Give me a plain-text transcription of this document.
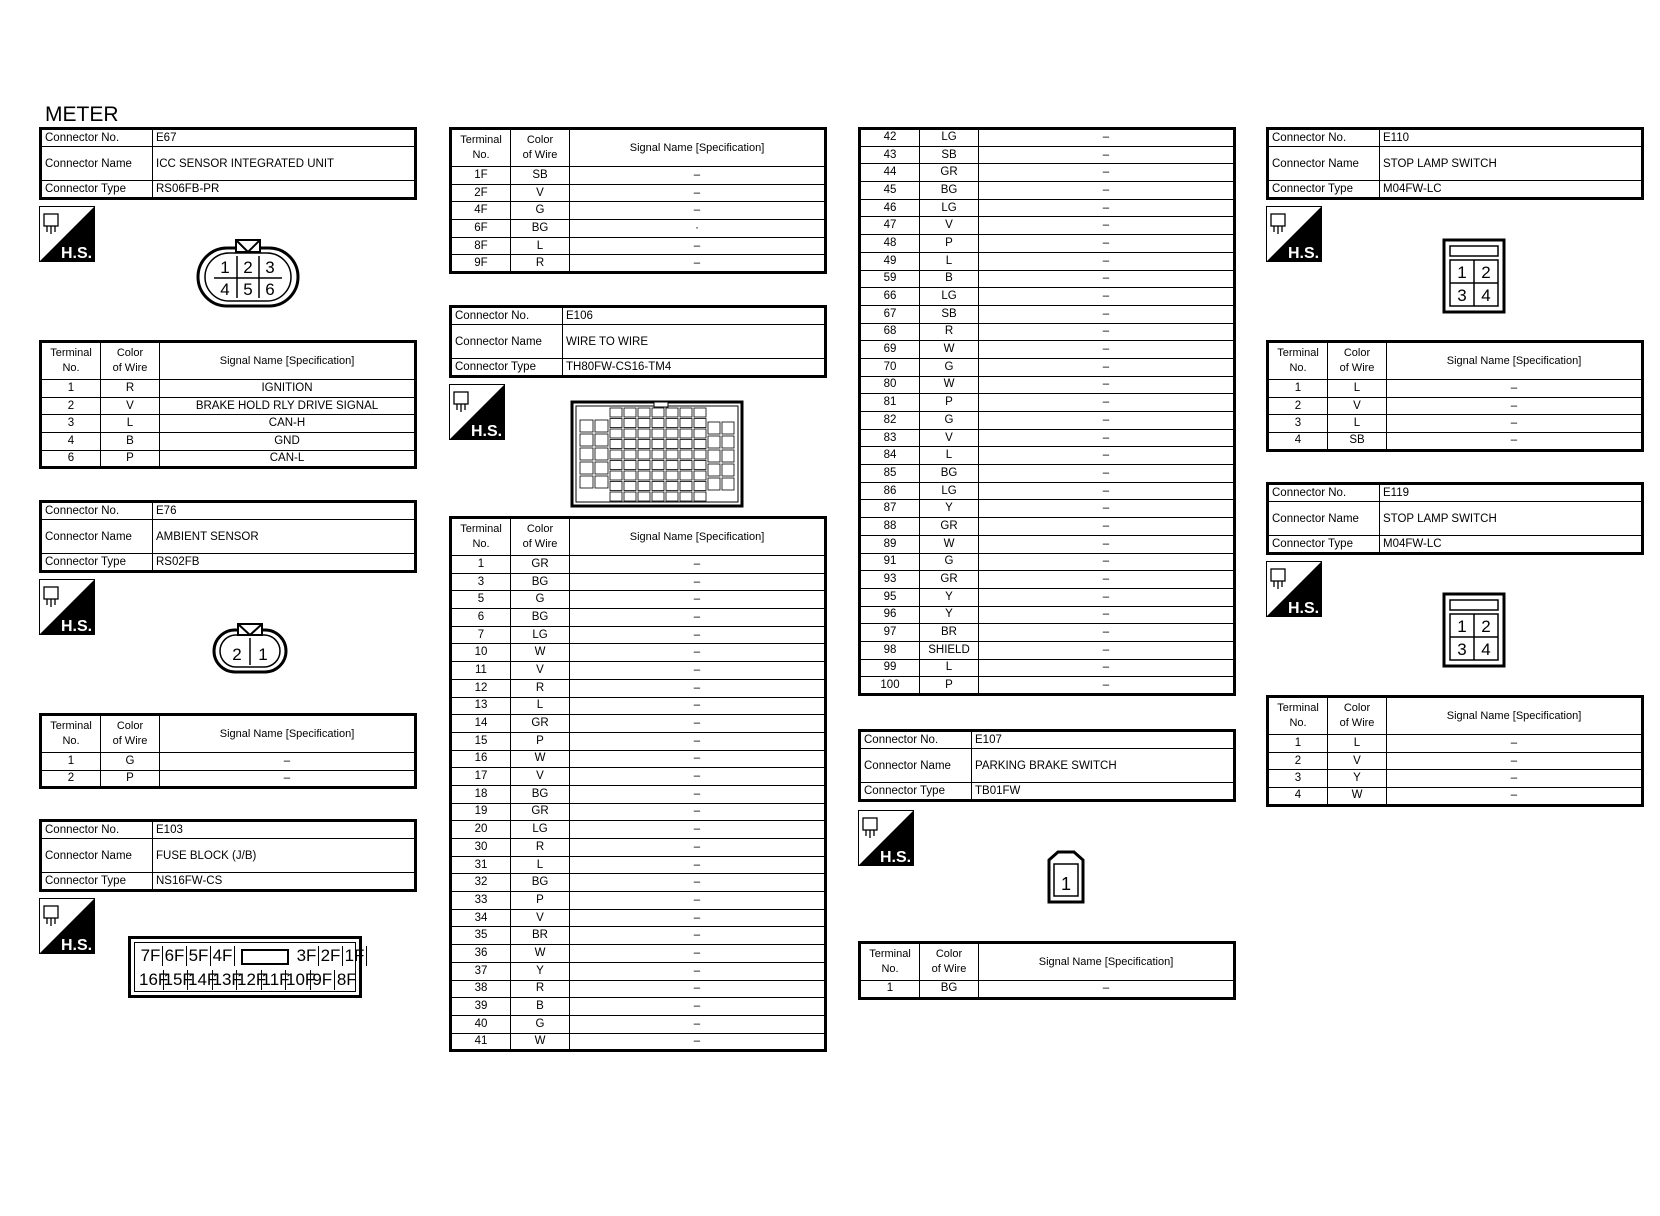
METER
Connector No.	E67
Connector Name	ICC SENSOR INTEGRATED UNIT
Connector Type	RS06FB-PR
H.S.
1 2 3
4 5 6
Terminal
No.	Color
of Wire	Signal Name [Specification]
1	R	IGNITION
2	V	BRAKE HOLD RLY DRIVE SIGNAL
3	L	CAN-H
4	B	GND
6	P	CAN-L
Connector No.	E76
Connector Name	AMBIENT SENSOR
Connector Type	RS02FB
H.S.
2 1
Terminal
No.	Color
of Wire	Signal Name [Specification]
1	G	–
2	P	–
Connector No.	E103
Connector Name	FUSE BLOCK (J/B)
Connector Type	NS16FW-CS
H.S.
7F 6F 5F 4F	3F 2F 1F
16F
15F
14F
13F
12F
11F
10F
9F 8F
Terminal
No.	Color
of Wire	Signal Name [Specification]
1F	SB	–
2F	V	–
4F	G	–
6F	BG	·
8F	L	–
9F	R	–
Connector No.	E106
Connector Name	WIRE TO WIRE
Connector Type	TH80FW-CS16-TM4
H.S.
Terminal
No.	Color
of Wire	Signal Name [Specification]
1	GR	–
3	BG	–
5	G	–
6	BG	–
7	LG	–
10	W	–
11	V	–
12	R	–
13	L	–
14	GR	–
15	P	–
16	W	–
17	V	–
18	BG	–
19	GR	–
20	LG	–
30	R	–
31	L	–
32	BG	–
33	P	–
34	V	–
35	BR	–
36	W	–
37	Y	–
38	R	–
39	B	–
40	G	–
41	W	–
42	LG	–
43	SB	–
44	GR	–
45	BG	–
46	LG	–
47	V	–
48	P	–
49	L	–
59	B	–
66	LG	–
67	SB	–
68	R	–
69	W	–
70	G	–
80	W	–
81	P	–
82	G	–
83	V	–
84	L	–
85	BG	–
86	LG	–
87	Y	–
88	GR	–
89	W	–
91	G	–
93	GR	–
95	Y	–
96	Y	–
97	BR	–
98	SHIELD	–
99	L	–
100	P	–
Connector No.	E107
Connector Name	PARKING BRAKE SWITCH
Connector Type	TB01FW
H.S.
1
Terminal
No.	Color
of Wire	Signal Name [Specification]
1	BG	–
Connector No.	E110
Connector Name	STOP LAMP SWITCH
Connector Type	M04FW-LC
H.S.
1 2
3 4
Terminal
No.	Color
of Wire	Signal Name [Specification]
1	L	–
2	V	–
3	L	–
4	SB	–
Connector No.	E119
Connector Name	STOP LAMP SWITCH
Connector Type	M04FW-LC
H.S.
1 2
3 4
Terminal
No.	Color
of Wire	Signal Name [Specification]
1	L	–
2	V	–
3	Y	–
4	W	–
